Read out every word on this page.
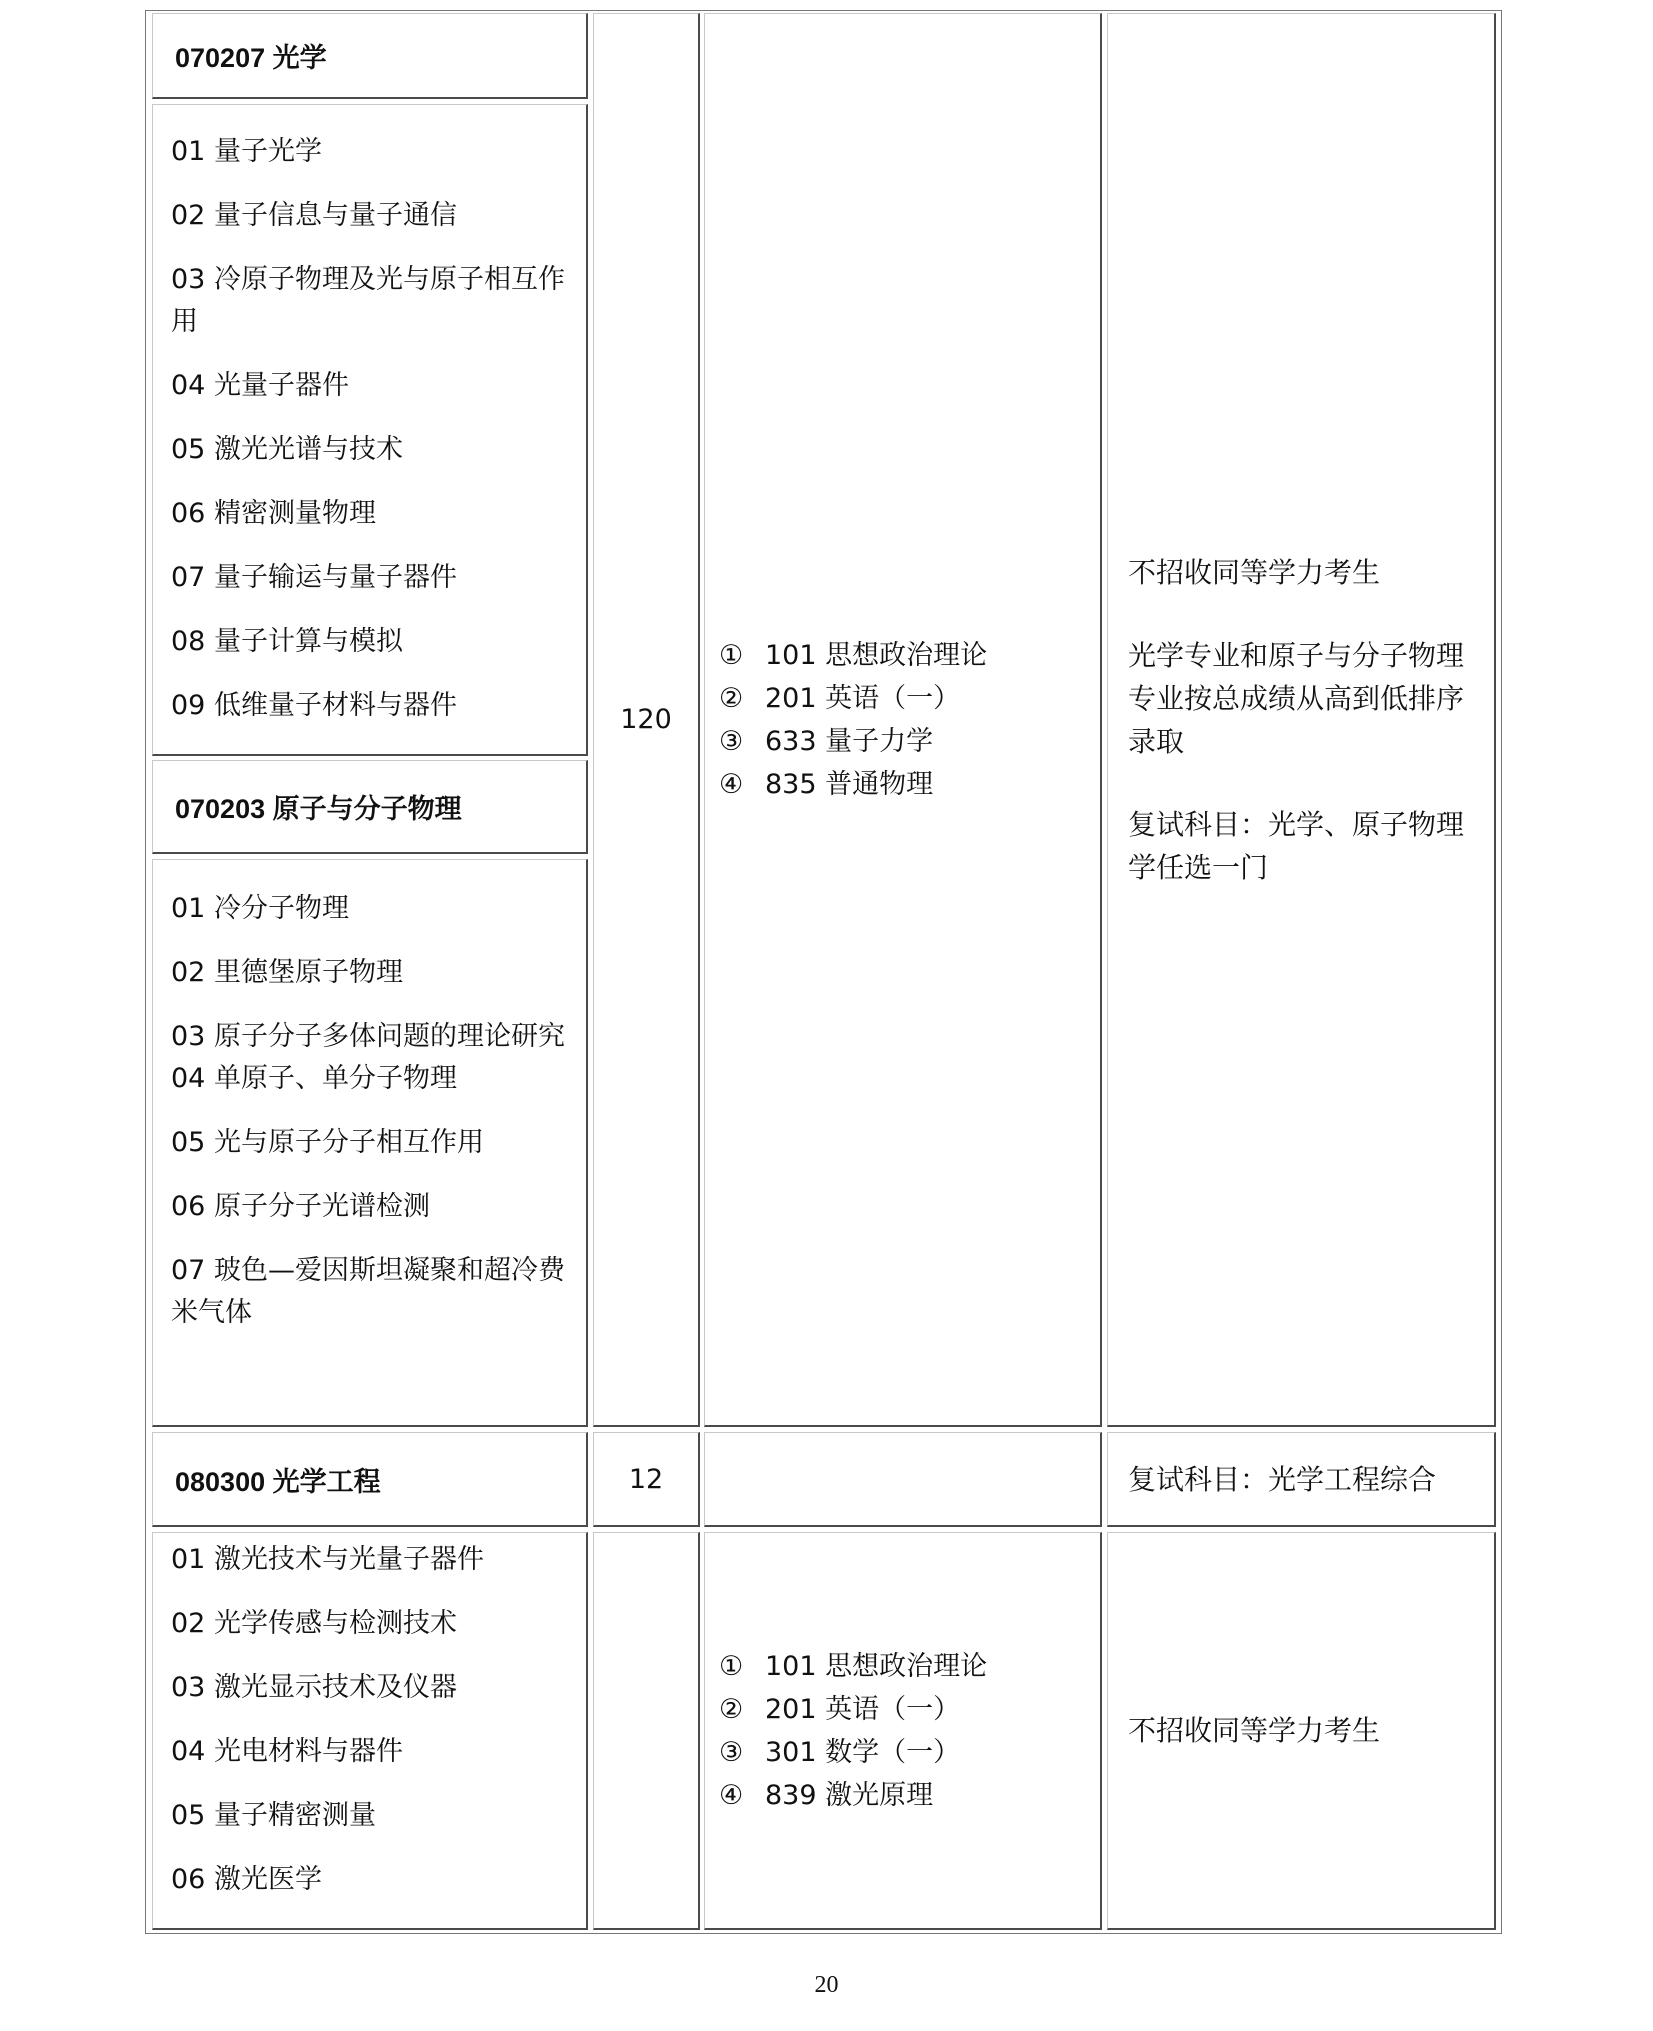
070207 光学
01 量子光学
02 量子信息与量子通信
03 冷原子物理及光与原子相互作用
04 光量子器件
05 激光光谱与技术
06 精密测量物理
07 量子输运与量子器件
08 量子计算与模拟
09 低维量子材料与器件
070203 原子与分子物理
01 冷分子物理
02 里德堡原子物理
03 原子分子多体问题的理论研究
04 单原子、单分子物理
05 光与原子分子相互作用
06 原子分子光谱检测
07 玻色—爱因斯坦凝聚和超冷费米气体
120
① 101 思想政治理论
② 201 英语（一）
③ 633 量子力学
④ 835 普通物理

不招收同等学力考生

光学专业和原子与分子物理专业按总成绩从高到低排序录取

复试科目：光学、原子物理学任选一门

080300 光学工程	12	复试科目：光学工程综合

01 激光技术与光量子器件
02 光学传感与检测技术
03 激光显示技术及仪器
04 光电材料与器件
05 量子精密测量
06 激光医学
① 101 思想政治理论
② 201 英语（一）
③ 301 数学（一）
④ 839 激光原理

不招收同等学力考生

20
